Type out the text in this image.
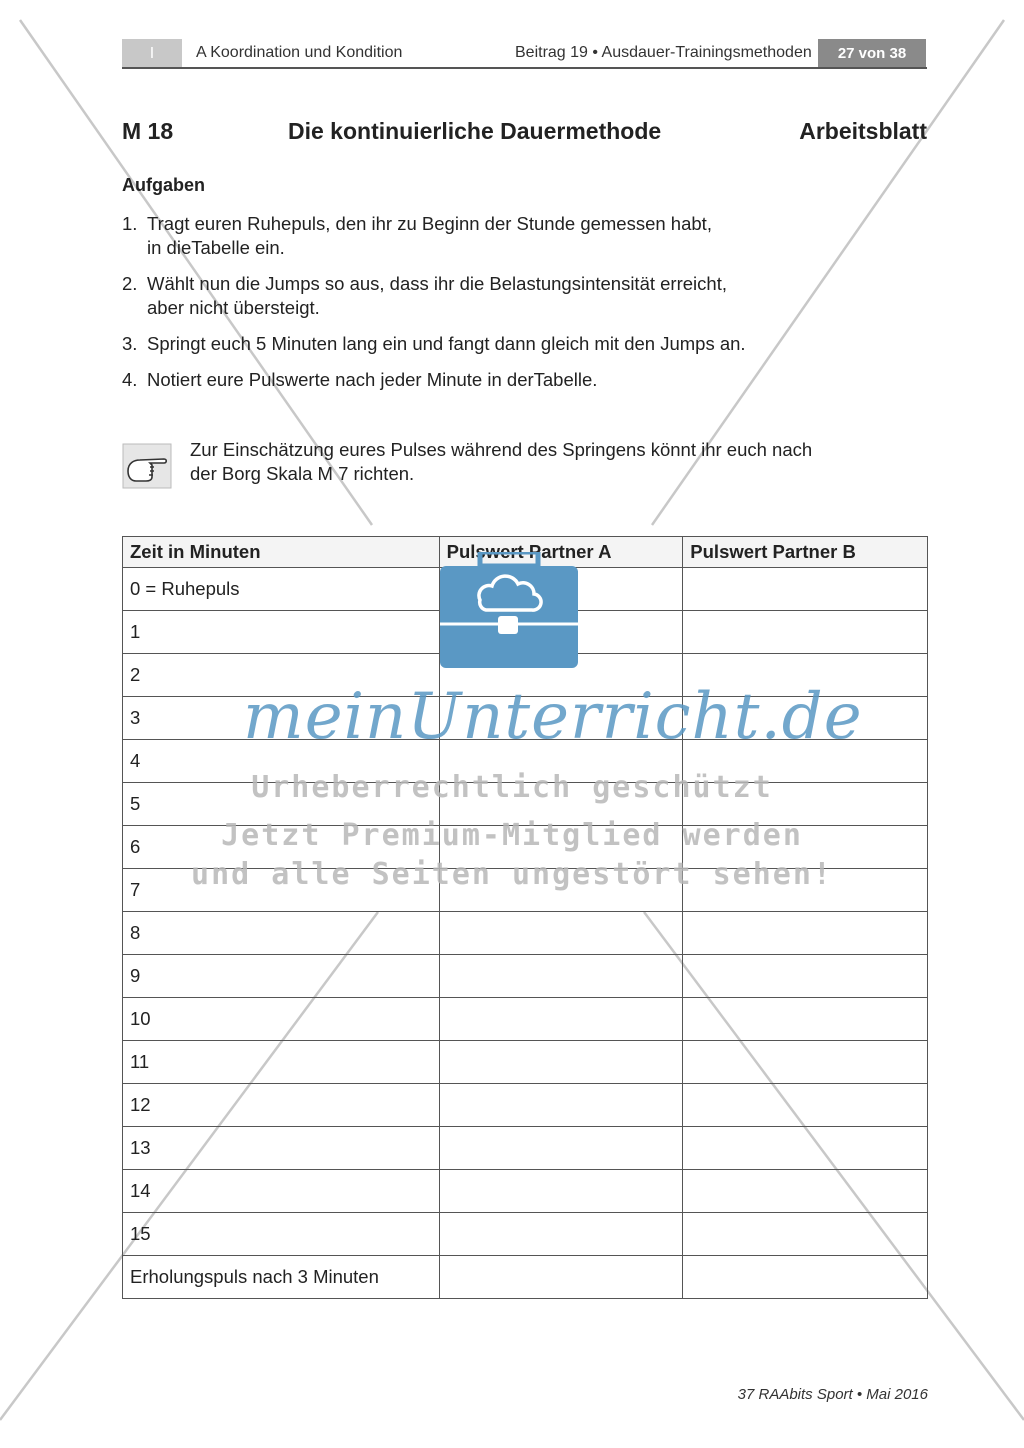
I	A Koordination und Kondition	Beitrag 19 • Ausdauer-Trainingsmethoden	27 von 38
M 18	Die kontinuierliche Dauermethode	Arbeitsblatt
Aufgaben
1. Tragt euren Ruhepuls, den ihr zu Beginn der Stunde gemessen habt,
in dieTabelle ein.
2. Wählt nun die Jumps so aus, dass ihr die Belastungsintensität erreicht,
aber nicht übersteigt.
3. Springt euch 5 Minuten lang ein und fangt dann gleich mit den Jumps an.
4. Notiert eure Pulswerte nach jeder Minute in derTabelle.
Zur Einschätzung eures Pulses während des Springens könnt ihr euch nach
der Borg Skala M 7 richten.
Zeit in Minuten	Pulswert Partner A	Pulswert Partner B
0 = Ruhepuls		
1		
2		
3		
4		
5		
6		
7		
8		
9		
10		
11		
12		
13		
14		
15		
Erholungspuls nach 3 Minuten		
meinUnterricht.de
Urheberrechtlich geschützt
Jetzt Premium-Mitglied werden
und alle Seiten ungestört sehen!
37 RAAbits Sport • Mai 2016
